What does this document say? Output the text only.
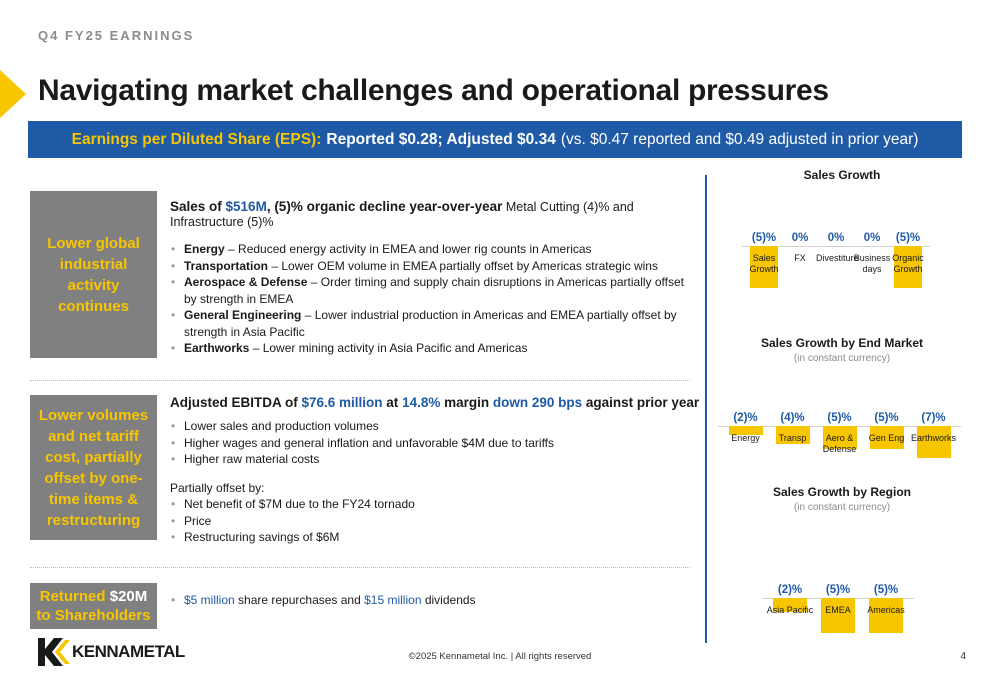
Q4 FY25 EARNINGS
Navigating market challenges and operational pressures
Earnings per Diluted Share (EPS): Reported $0.28; Adjusted $0.34 (vs. $0.47 reported and $0.49 adjusted in prior year)
Lower global industrial activity continues
Sales of $516M, (5)% organic decline year-over-year Metal Cutting (4)% and Infrastructure (5)%
• Energy – Reduced energy activity in EMEA and lower rig counts in Americas
• Transportation – Lower OEM volume in EMEA partially offset by Americas strategic wins
• Aerospace & Defense – Order timing and supply chain disruptions in Americas partially offset by strength in EMEA
• General Engineering – Lower industrial production in Americas and EMEA partially offset by strength in Asia Pacific
• Earthworks – Lower mining activity in Asia Pacific and Americas
Lower volumes and net tariff cost, partially offset by one-time items & restructuring
Adjusted EBITDA of $76.6 million at 14.8% margin down 290 bps against prior year
• Lower sales and production volumes
• Higher wages and general inflation and unfavorable $4M due to tariffs
• Higher raw material costs
Partially offset by:
• Net benefit of $7M due to the FY24 tornado
• Price
• Restructuring savings of $6M
Returned $20M
to Shareholders
• $5 million share repurchases and $15 million dividends
Sales Growth
(5)%
Sales Growth
0%
FX
0%
Divestiture
0%
Business days
(5)%
Organic Growth
Sales Growth by End Market
(in constant currency)
(2)%
Energy
(4)%
Transp
(5)%
Aero & Defense
(5)%
Gen Eng
(7)%
Earthworks
Sales Growth by Region
(in constant currency)
(2)%
Asia Pacific
(5)%
EMEA
(5)%
Americas
KENNAMETAL	©2025 Kennametal Inc. | All rights reserved	4
